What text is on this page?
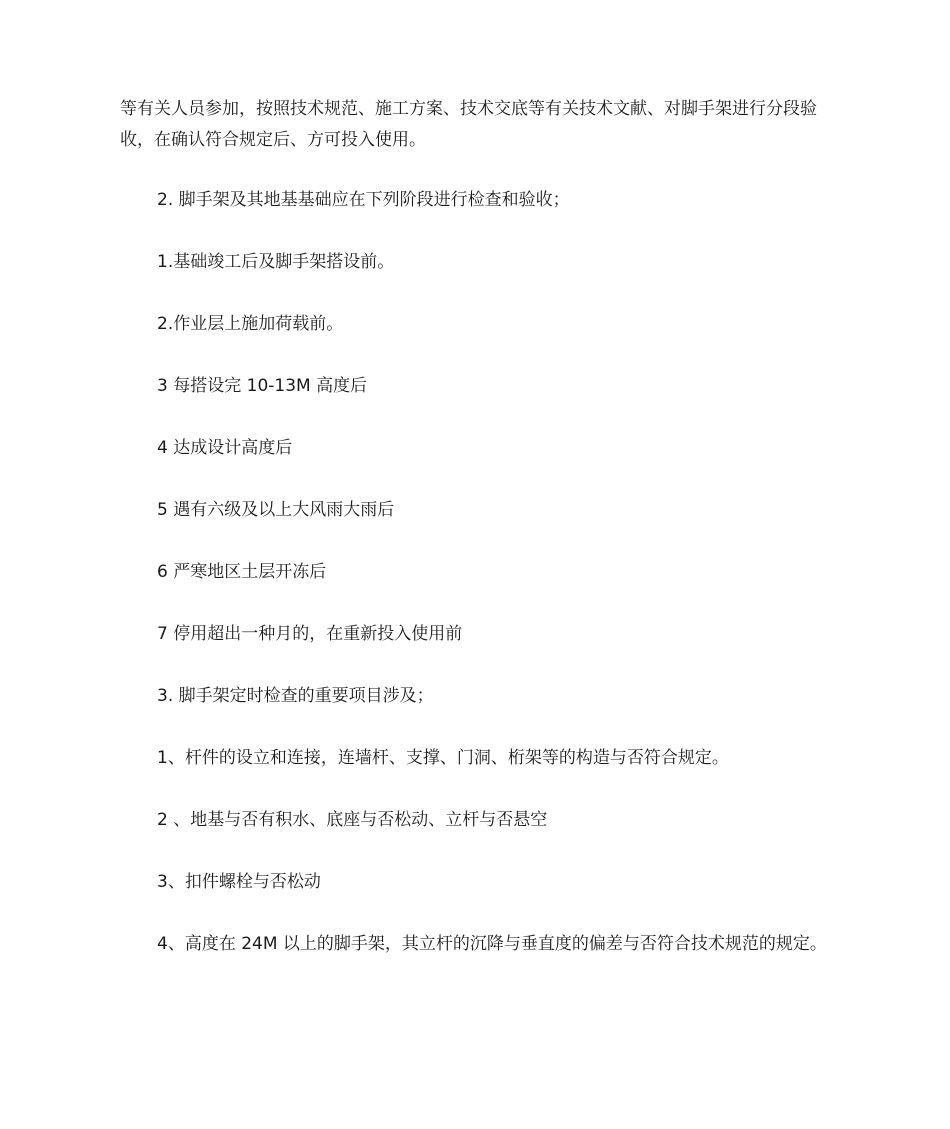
等有关人员参加，按照技术规范、施工方案、技术交底等有关技术文献、对脚手架进行分段验收，在确认符合规定后、方可投入使用。

2. 脚手架及其地基基础应在下列阶段进行检查和验收；

1.基础竣工后及脚手架搭设前。

2.作业层上施加荷载前。

3 每搭设完 10-13M 高度后

4 达成设计高度后

5 遇有六级及以上大风雨大雨后

6 严寒地区土层开冻后

7 停用超出一种月的，在重新投入使用前

3. 脚手架定时检查的重要项目涉及；

1、杆件的设立和连接，连墙杆、支撑、门洞、桁架等的构造与否符合规定。

2 、地基与否有积水、底座与否松动、立杆与否悬空

3、扣件螺栓与否松动

4、高度在 24M 以上的脚手架，其立杆的沉降与垂直度的偏差与否符合技术规范的规定。
